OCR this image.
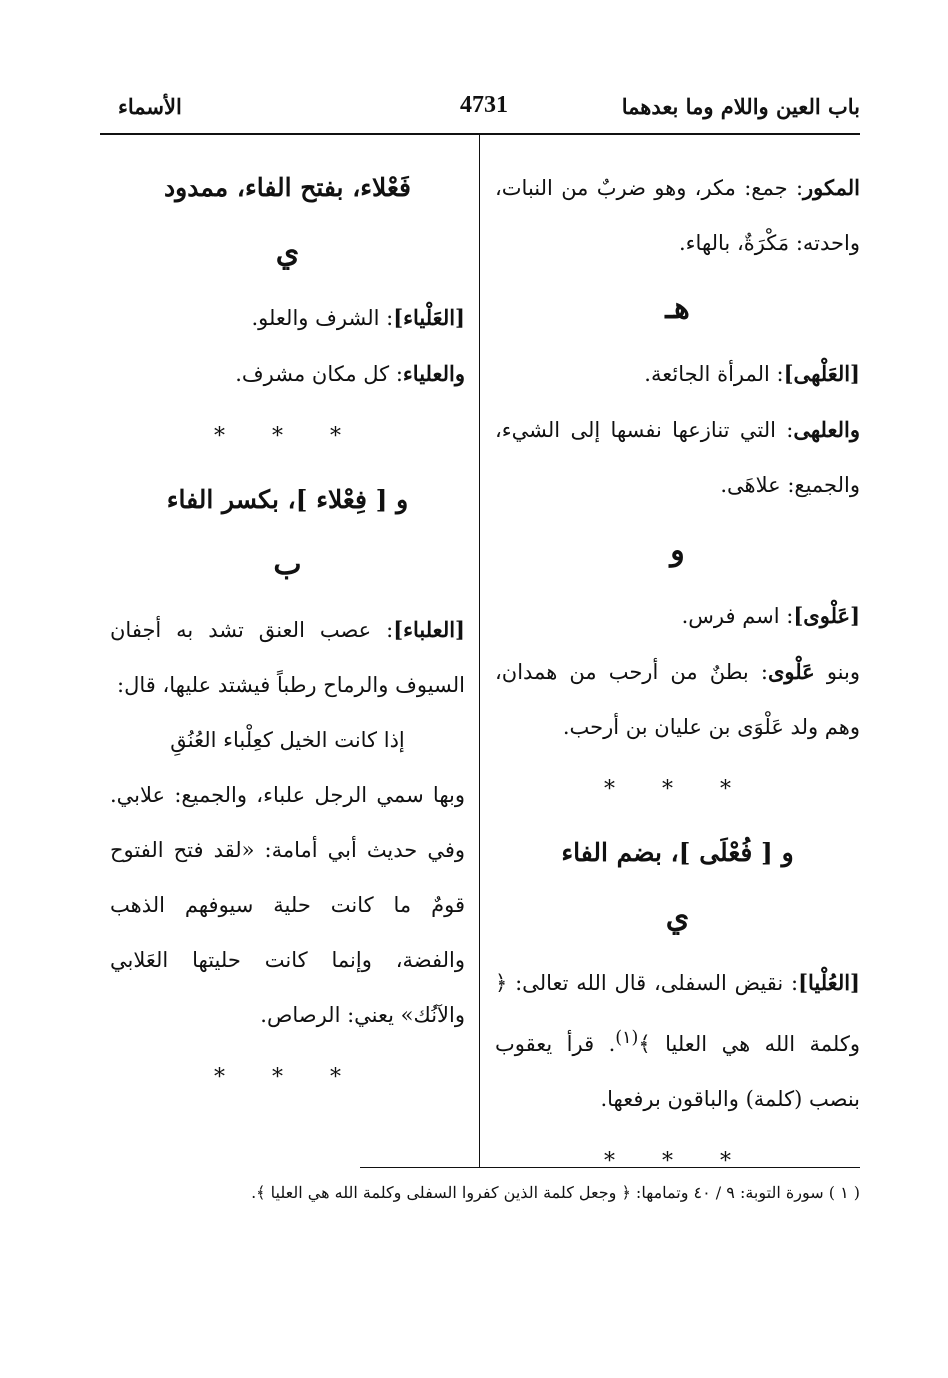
باب العين واللام وما بعدهما
4731
الأسماء

المكور: جمع: مكر، وهو ضربٌ من النبات، واحدته: مَكْرَةٌ، بالهاء.

هـ

[العَلْهى]: المرأة الجائعة.

والعلهى: التي تنازعها نفسها إلى الشيء، والجميع: علاهَى.

و

[عَلْوى]: اسم فرس.

وبنو عَلْوى: بطنٌ من أرحب من همدان، وهم ولد عَلْوَى بن عليان بن أرحب.

* * *

و [ فُعْلَى ]، بضم الفاء

ي

[العُلْيا]: نقيض السفلى، قال الله تعالى: ﴿ وكلمة الله هي العليا ﴾$^{(١)}$. قرأ يعقوب بنصب (كلمة) والباقون برفعها.

* * *

فَعْلاء، بفتح الفاء، ممدود

ي

[العَلْياء]: الشرف والعلو.

والعلياء: كل مكان مشرف.

* * *

و [ فِعْلاء ]، بكسر الفاء

ب

[العلباء]: عصب العنق تشد به أجفان السيوف والرماح رطباً فيشتد عليها، قال:

إذا كانت الخيل كعِلْباء العُنُقِ

وبها سمي الرجل علباء، والجميع: علابي. وفي حديث أبي أمامة: «لقد فتح الفتوح قومٌ ما كانت حلية سيوفهم الذهب والفضة، وإنما كانت حليتها العَلابي والآنُك» يعني: الرصاص.

* * *

( ١ ) سورة التوبة: ٩ / ٤٠ وتمامها: ﴿ وجعل كلمة الذين كفروا السفلى وكلمة الله هي العليا ﴾.
